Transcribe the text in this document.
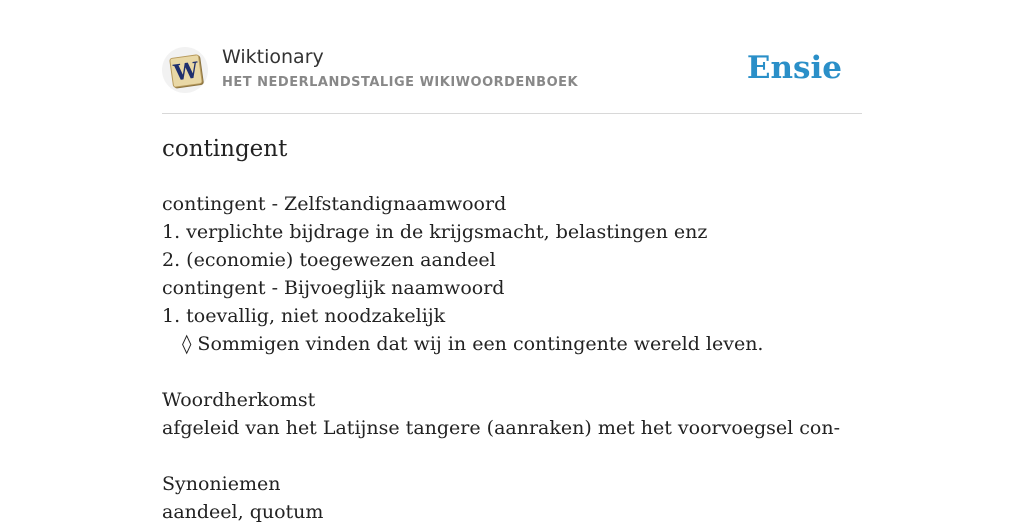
W
Wiktionary
HET NEDERLANDSTALIGE WIKIWOORDENBOEK	Ensie
contingent
contingent - Zelfstandignaamwoord
1. verplichte bijdrage in de krijgsmacht, belastingen enz
2. (economie) toegewezen aandeel
contingent - Bijvoeglijk naamwoord
1. toevallig, niet noodzakelijk
◊ Sommigen vinden dat wij in een contingente wereld leven.
Woordherkomst
afgeleid van het Latijnse tangere (aanraken) met het voorvoegsel con-
Synoniemen
aandeel, quotum
